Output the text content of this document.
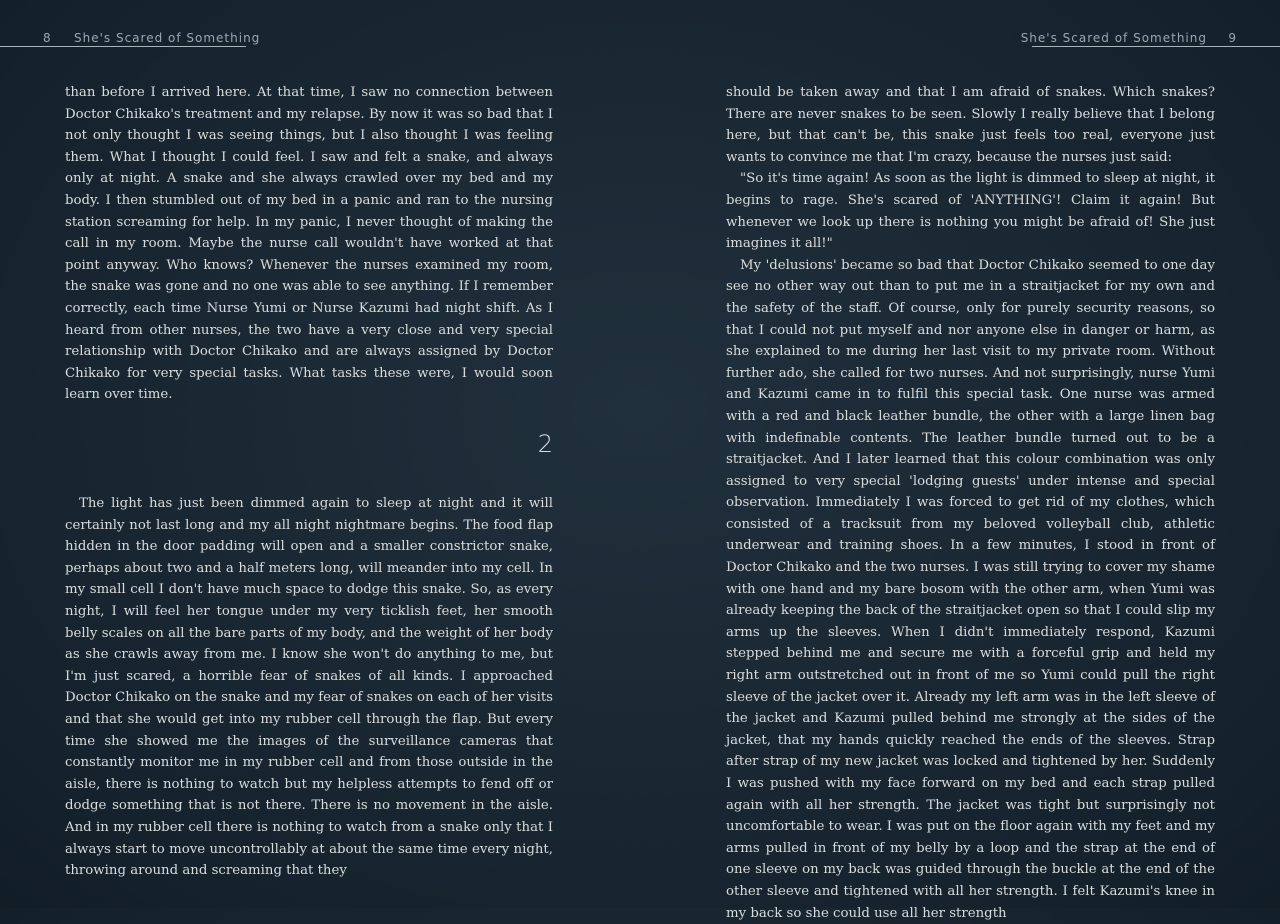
8 She's Scared of Something

than before I arrived here. At that time, I saw no connection between Doctor Chikako's treatment and my relapse. By now it was so bad that I not only thought I was seeing things, but I also thought I was feeling them. What I thought I could feel. I saw and felt a snake, and always only at night. A snake and she always crawled over my bed and my body. I then stumbled out of my bed in a panic and ran to the nursing station screaming for help. In my panic, I never thought of making the call in my room. Maybe the nurse call wouldn't have worked at that point anyway. Who knows? Whenever the nurses examined my room, the snake was gone and no one was able to see anything. If I remember correctly, each time Nurse Yumi or Nurse Kazumi had night shift. As I heard from other nurses, the two have a very close and very special relationship with Doctor Chikako and are always assigned by Doctor Chikako for very special tasks. What tasks these were, I would soon learn over time.

2

The light has just been dimmed again to sleep at night and it will certainly not last long and my all night nightmare begins. The food flap hidden in the door padding will open and a smaller constrictor snake, perhaps about two and a half meters long, will meander into my cell. In my small cell I don't have much space to dodge this snake. So, as every night, I will feel her tongue under my very ticklish feet, her smooth belly scales on all the bare parts of my body, and the weight of her body as she crawls away from me. I know she won't do anything to me, but I'm just scared, a horrible fear of snakes of all kinds. I approached Doctor Chikako on the snake and my fear of snakes on each of her visits and that she would get into my rubber cell through the flap. But every time she showed me the images of the surveillance cameras that constantly monitor me in my rubber cell and from those outside in the aisle, there is nothing to watch but my helpless attempts to fend off or dodge something that is not there. There is no movement in the aisle. And in my rubber cell there is nothing to watch from a snake only that I always start to move uncontrollably at about the same time every night, throwing around and screaming that they

She's Scared of Something 9

should be taken away and that I am afraid of snakes. Which snakes? There are never snakes to be seen. Slowly I really believe that I belong here, but that can't be, this snake just feels too real, everyone just wants to convince me that I'm crazy, because the nurses just said:

"So it's time again! As soon as the light is dimmed to sleep at night, it begins to rage. She's scared of 'ANYTHING'! Claim it again! But whenever we look up there is nothing you might be afraid of! She just imagines it all!"

My 'delusions' became so bad that Doctor Chikako seemed to one day see no other way out than to put me in a straitjacket for my own and the safety of the staff. Of course, only for purely security reasons, so that I could not put myself and nor anyone else in danger or harm, as she explained to me during her last visit to my private room. Without further ado, she called for two nurses. And not surprisingly, nurse Yumi and Kazumi came in to fulfil this special task. One nurse was armed with a red and black leather bundle, the other with a large linen bag with indefinable contents. The leather bundle turned out to be a straitjacket. And I later learned that this colour combination was only assigned to very special 'lodging guests' under intense and special observation. Immediately I was forced to get rid of my clothes, which consisted of a tracksuit from my beloved volleyball club, athletic underwear and training shoes. In a few minutes, I stood in front of Doctor Chikako and the two nurses. I was still trying to cover my shame with one hand and my bare bosom with the other arm, when Yumi was already keeping the back of the straitjacket open so that I could slip my arms up the sleeves. When I didn't immediately respond, Kazumi stepped behind me and secure me with a forceful grip and held my right arm outstretched out in front of me so Yumi could pull the right sleeve of the jacket over it. Already my left arm was in the left sleeve of the jacket and Kazumi pulled behind me strongly at the sides of the jacket, that my hands quickly reached the ends of the sleeves. Strap after strap of my new jacket was locked and tightened by her. Suddenly I was pushed with my face forward on my bed and each strap pulled again with all her strength. The jacket was tight but surprisingly not uncomfortable to wear. I was put on the floor again with my feet and my arms pulled in front of my belly by a loop and the strap at the end of one sleeve on my back was guided through the buckle at the end of the other sleeve and tightened with all her strength. I felt Kazumi's knee in my back so she could use all her strength
